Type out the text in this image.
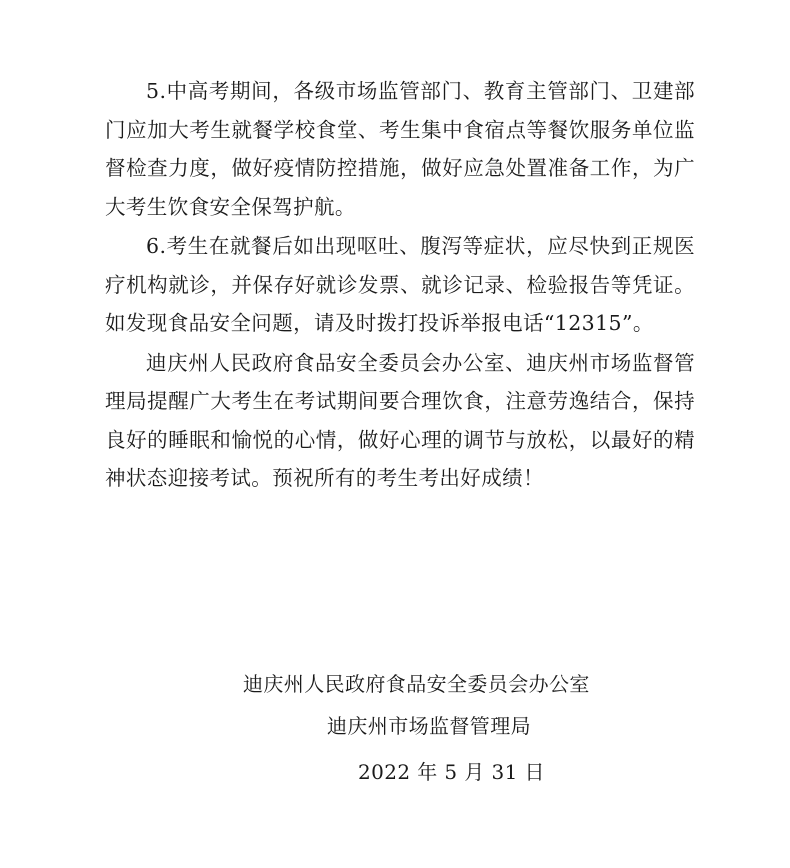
5.中高考期间，各级市场监管部门、教育主管部门、卫建部门应加大考生就餐学校食堂、考生集中食宿点等餐饮服务单位监督检查力度，做好疫情防控措施，做好应急处置准备工作，为广大考生饮食安全保驾护航。

6.考生在就餐后如出现呕吐、腹泻等症状，应尽快到正规医疗机构就诊，并保存好就诊发票、就诊记录、检验报告等凭证。如发现食品安全问题，请及时拨打投诉举报电话“12315”。

迪庆州人民政府食品安全委员会办公室、迪庆州市场监督管理局提醒广大考生在考试期间要合理饮食，注意劳逸结合，保持良好的睡眠和愉悦的心情，做好心理的调节与放松，以最好的精神状态迎接考试。预祝所有的考生考出好成绩！

迪庆州人民政府食品安全委员会办公室
迪庆州市场监督管理局
2022 年 5 月 31 日
